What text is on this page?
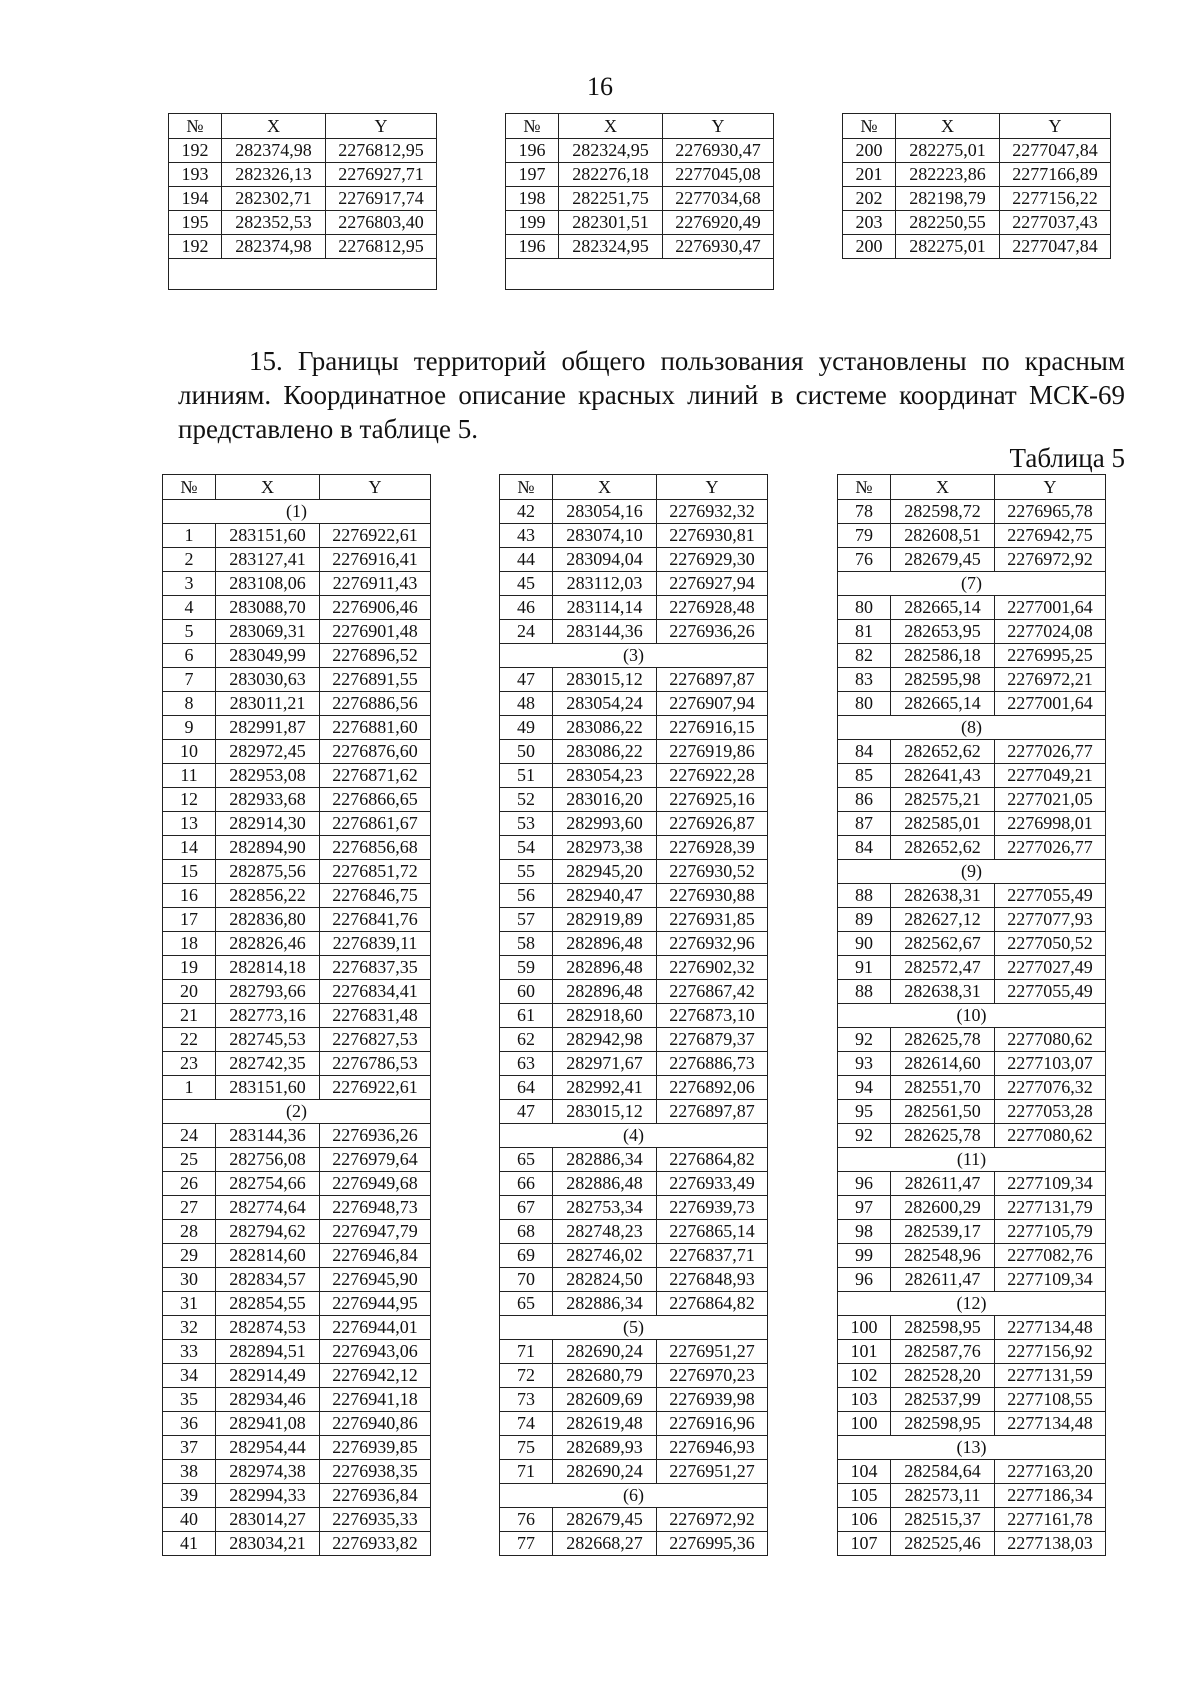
16
№	X	Y
192	282374,98	2276812,95
193	282326,13	2276927,71
194	282302,71	2276917,74
195	282352,53	2276803,40
192	282374,98	2276812,95

№	X	Y
196	282324,95	2276930,47
197	282276,18	2277045,08
198	282251,75	2277034,68
199	282301,51	2276920,49
196	282324,95	2276930,47

№	X	Y
200	282275,01	2277047,84
201	282223,86	2277166,89
202	282198,79	2277156,22
203	282250,55	2277037,43
200	282275,01	2277047,84

15. Границы территорий общего пользования установлены по красным линиям. Координатное описание красных линий в системе координат МСК-69 представлено в таблице 5.

Таблица 5
№	X	Y
(1)		
1	283151,60	2276922,61
2	283127,41	2276916,41
3	283108,06	2276911,43
4	283088,70	2276906,46
5	283069,31	2276901,48
6	283049,99	2276896,52
7	283030,63	2276891,55
8	283011,21	2276886,56
9	282991,87	2276881,60
10	282972,45	2276876,60
11	282953,08	2276871,62
12	282933,68	2276866,65
13	282914,30	2276861,67
14	282894,90	2276856,68
15	282875,56	2276851,72
16	282856,22	2276846,75
17	282836,80	2276841,76
18	282826,46	2276839,11
19	282814,18	2276837,35
20	282793,66	2276834,41
21	282773,16	2276831,48
22	282745,53	2276827,53
23	282742,35	2276786,53
1	283151,60	2276922,61
(2)		
24	283144,36	2276936,26
25	282756,08	2276979,64
26	282754,66	2276949,68
27	282774,64	2276948,73
28	282794,62	2276947,79
29	282814,60	2276946,84
30	282834,57	2276945,90
31	282854,55	2276944,95
32	282874,53	2276944,01
33	282894,51	2276943,06
34	282914,49	2276942,12
35	282934,46	2276941,18
36	282941,08	2276940,86
37	282954,44	2276939,85
38	282974,38	2276938,35
39	282994,33	2276936,84
40	283014,27	2276935,33
41	283034,21	2276933,82
№	X	Y
42	283054,16	2276932,32
43	283074,10	2276930,81
44	283094,04	2276929,30
45	283112,03	2276927,94
46	283114,14	2276928,48
24	283144,36	2276936,26
(3)		
47	283015,12	2276897,87
48	283054,24	2276907,94
49	283086,22	2276916,15
50	283086,22	2276919,86
51	283054,23	2276922,28
52	283016,20	2276925,16
53	282993,60	2276926,87
54	282973,38	2276928,39
55	282945,20	2276930,52
56	282940,47	2276930,88
57	282919,89	2276931,85
58	282896,48	2276932,96
59	282896,48	2276902,32
60	282896,48	2276867,42
61	282918,60	2276873,10
62	282942,98	2276879,37
63	282971,67	2276886,73
64	282992,41	2276892,06
47	283015,12	2276897,87
(4)		
65	282886,34	2276864,82
66	282886,48	2276933,49
67	282753,34	2276939,73
68	282748,23	2276865,14
69	282746,02	2276837,71
70	282824,50	2276848,93
65	282886,34	2276864,82
(5)		
71	282690,24	2276951,27
72	282680,79	2276970,23
73	282609,69	2276939,98
74	282619,48	2276916,96
75	282689,93	2276946,93
71	282690,24	2276951,27
(6)		
76	282679,45	2276972,92
77	282668,27	2276995,36
№	X	Y
78	282598,72	2276965,78
79	282608,51	2276942,75
76	282679,45	2276972,92
(7)		
80	282665,14	2277001,64
81	282653,95	2277024,08
82	282586,18	2276995,25
83	282595,98	2276972,21
80	282665,14	2277001,64
(8)		
84	282652,62	2277026,77
85	282641,43	2277049,21
86	282575,21	2277021,05
87	282585,01	2276998,01
84	282652,62	2277026,77
(9)		
88	282638,31	2277055,49
89	282627,12	2277077,93
90	282562,67	2277050,52
91	282572,47	2277027,49
88	282638,31	2277055,49
(10)		
92	282625,78	2277080,62
93	282614,60	2277103,07
94	282551,70	2277076,32
95	282561,50	2277053,28
92	282625,78	2277080,62
(11)		
96	282611,47	2277109,34
97	282600,29	2277131,79
98	282539,17	2277105,79
99	282548,96	2277082,76
96	282611,47	2277109,34
(12)		
100	282598,95	2277134,48
101	282587,76	2277156,92
102	282528,20	2277131,59
103	282537,99	2277108,55
100	282598,95	2277134,48
(13)		
104	282584,64	2277163,20
105	282573,11	2277186,34
106	282515,37	2277161,78
107	282525,46	2277138,03
